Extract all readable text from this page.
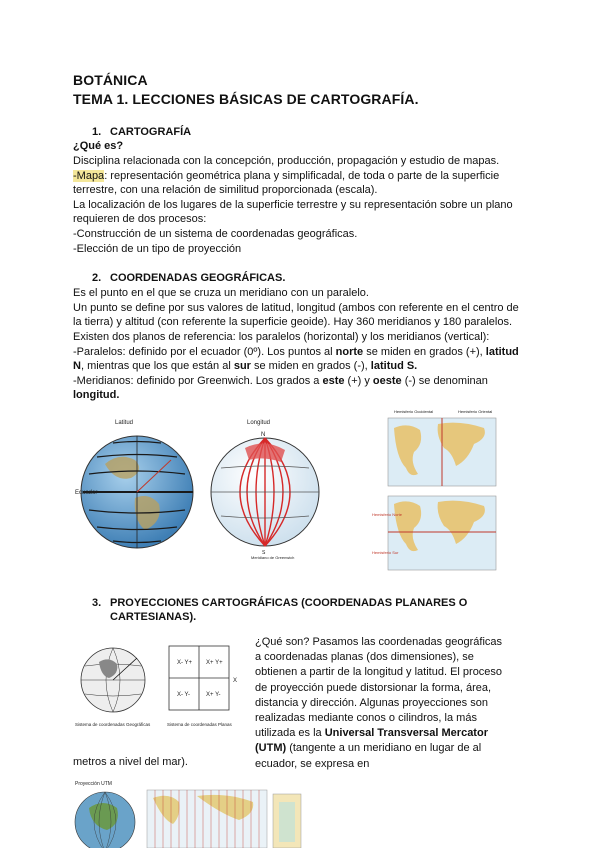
BOTÁNICA
TEMA 1. LECCIONES BÁSICAS DE CARTOGRAFÍA.
1. CARTOGRAFÍA
¿Qué es?
Disciplina relacionada con la concepción, producción, propagación y estudio de mapas.
-Mapa: representación geométrica plana y simplificadal, de toda o parte de la superficie
terrestre, con una relación de similitud proporcionada (escala).
La localización de los lugares de la superficie terrestre y su representación sobre un plano
requieren de dos procesos:
-Construcción de un sistema de coordenadas geográficas.
-Elección de un tipo de proyección
2. COORDENADAS GEOGRÁFICAS.
Es el punto en el que se cruza un meridiano con un paralelo.
Un punto se define por sus valores de latitud, longitud (ambos con referente en el centro de
la tierra) y altitud (con referente la superficie geoide). Hay 360 meridianos y 180 paralelos.
Existen dos planos de referencia: los paralelos (horizontal) y los meridianos (vertical):
-Paralelos: definido por el ecuador (0º). Los puntos al norte se miden en grados (+), latitud
N, mientras que los que están al sur se miden en grados (-), latitud S.
-Meridianos: definido por Greenwich. Los grados a este (+) y oeste (-) se denominan
longitud.
Latitud
Ecuador
Longitud
N
S
Meridiano de Greenwich
Hemisferio Occidental	Hemisferio Oriental
Hemisferio Norte
Hemisferio Sur
3. PROYECCIONES CARTOGRÁFICAS (COORDENADAS PLANARES O
CARTESIANAS).
X- Y+ X+ Y+
X- Y-	X+ Y-
X
Sistema de coordenadas Geográficas	Sistema de coordenadas Planas
¿Qué son? Pasamos las coordenadas geográficas a coordenadas planas (dos dimensiones), se obtienen a partir de la longitud y latitud. El proceso de proyección puede distorsionar la forma, área, distancia y dirección. Algunas proyecciones son realizadas mediante conos o cilindros, la más utilizada es la Universal Transversal Mercator (UTM) (tangente a un meridiano en lugar de al ecuador, se expresa en
metros a nivel del mar).
Proyección UTM
